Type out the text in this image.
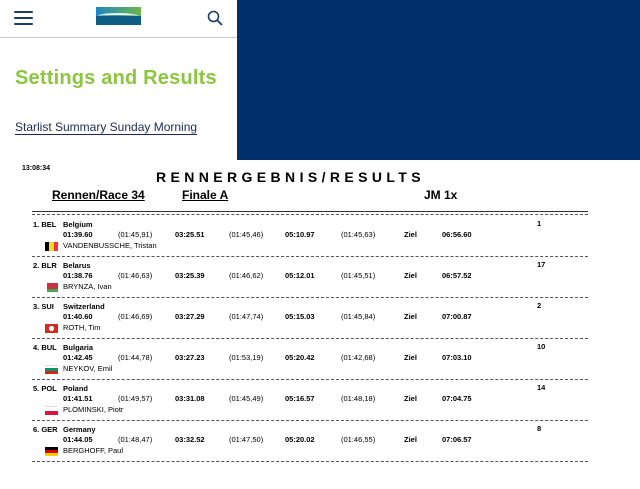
Settings and Results
Starlist Summary Sunday Morning
13:08:34
RENNERGEBNIS/RESULTS
Rennen/Race 34	Finale A	JM 1x
1. BEL Belgium	1
01:39.60	(01:45,91)	03:25.51	(01:45,46)	05:10.97	(01:45,63)	Ziel	06:56.60
VANDENBUSSCHE, Tristan
2. BLR Belarus	17
01:38.76	(01:46,63)	03:25.39	(01:46,62)	05:12.01	(01:45,51)	Ziel	06:57.52
BRYNZA, Ivan
3. SUI Switzerland	2
01:40.60	(01:46,69)	03:27.29	(01:47,74)	05:15.03	(01:45,84)	Ziel	07:00.87
ROTH, Tim
4. BUL Bulgaria	10
01:42.45	(01:44,78)	03:27.23	(01:53,19)	05:20.42	(01:42,68)	Ziel	07:03.10
NEYKOV, Emil
5. POL Poland	14
01:41.51	(01:49,57)	03:31.08	(01:45,49)	05:16.57	(01:48,18)	Ziel	07:04.75
PLOMINSKI, Piotr
6. GER Germany	8
01:44.05	(01:48,47)	03:32.52	(01:47,50)	05:20.02	(01:46,55)	Ziel	07:06.57
BERGHOFF, Paul
